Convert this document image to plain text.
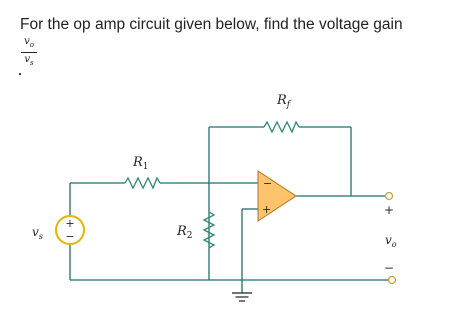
For the op amp circuit given below, find the voltage gain
$v_o$
$v_s$
+
−
−
+	+
−
$R_f$
$R_1$
$R_2$
$v_s$	$v_o$
